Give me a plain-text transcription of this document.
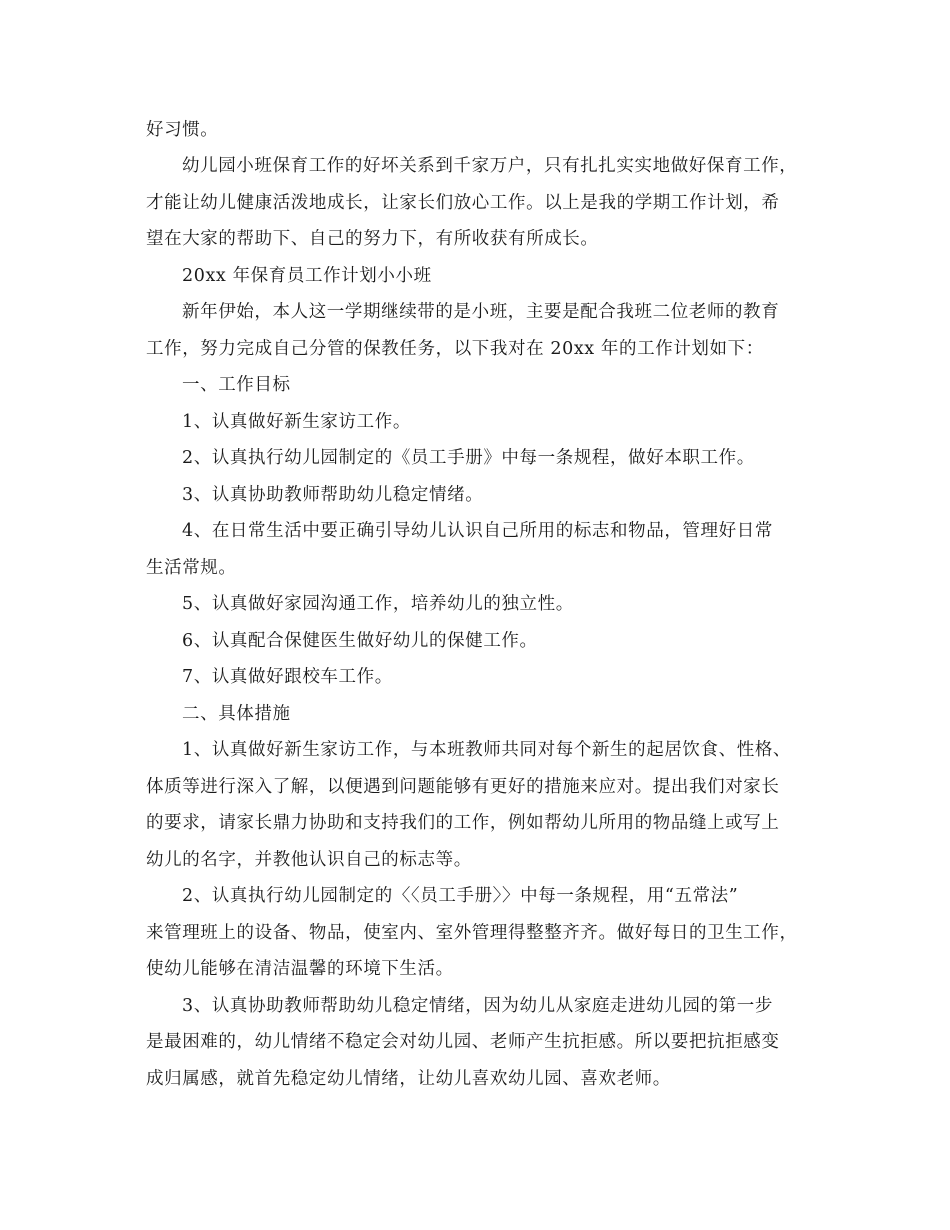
好习惯。
幼儿园小班保育工作的好坏关系到千家万户，只有扎扎实实地做好保育工作，
才能让幼儿健康活泼地成长，让家长们放心工作。以上是我的学期工作计划，希
望在大家的帮助下、自己的努力下，有所收获有所成长。
20xx 年保育员工作计划小小班
新年伊始，本人这一学期继续带的是小班，主要是配合我班二位老师的教育
工作，努力完成自己分管的保教任务，以下我对在 20xx 年的工作计划如下：
一、工作目标
1、认真做好新生家访工作。
2、认真执行幼儿园制定的《员工手册》中每一条规程，做好本职工作。
3、认真协助教师帮助幼儿稳定情绪。
4、在日常生活中要正确引导幼儿认识自己所用的标志和物品，管理好日常
生活常规。
5、认真做好家园沟通工作，培养幼儿的独立性。
6、认真配合保健医生做好幼儿的保健工作。
7、认真做好跟校车工作。
二、具体措施
1、认真做好新生家访工作，与本班教师共同对每个新生的起居饮食、性格、
体质等进行深入了解，以便遇到问题能够有更好的措施来应对。提出我们对家长
的要求，请家长鼎力协助和支持我们的工作，例如帮幼儿所用的物品缝上或写上
幼儿的名字，并教他认识自己的标志等。
2、认真执行幼儿园制定的〈〈员工手册〉〉中每一条规程，用“五常法”
来管理班上的设备、物品，使室内、室外管理得整整齐齐。做好每日的卫生工作，
使幼儿能够在清洁温馨的环境下生活。
3、认真协助教师帮助幼儿稳定情绪，因为幼儿从家庭走进幼儿园的第一步
是最困难的，幼儿情绪不稳定会对幼儿园、老师产生抗拒感。所以要把抗拒感变
成归属感，就首先稳定幼儿情绪，让幼儿喜欢幼儿园、喜欢老师。
